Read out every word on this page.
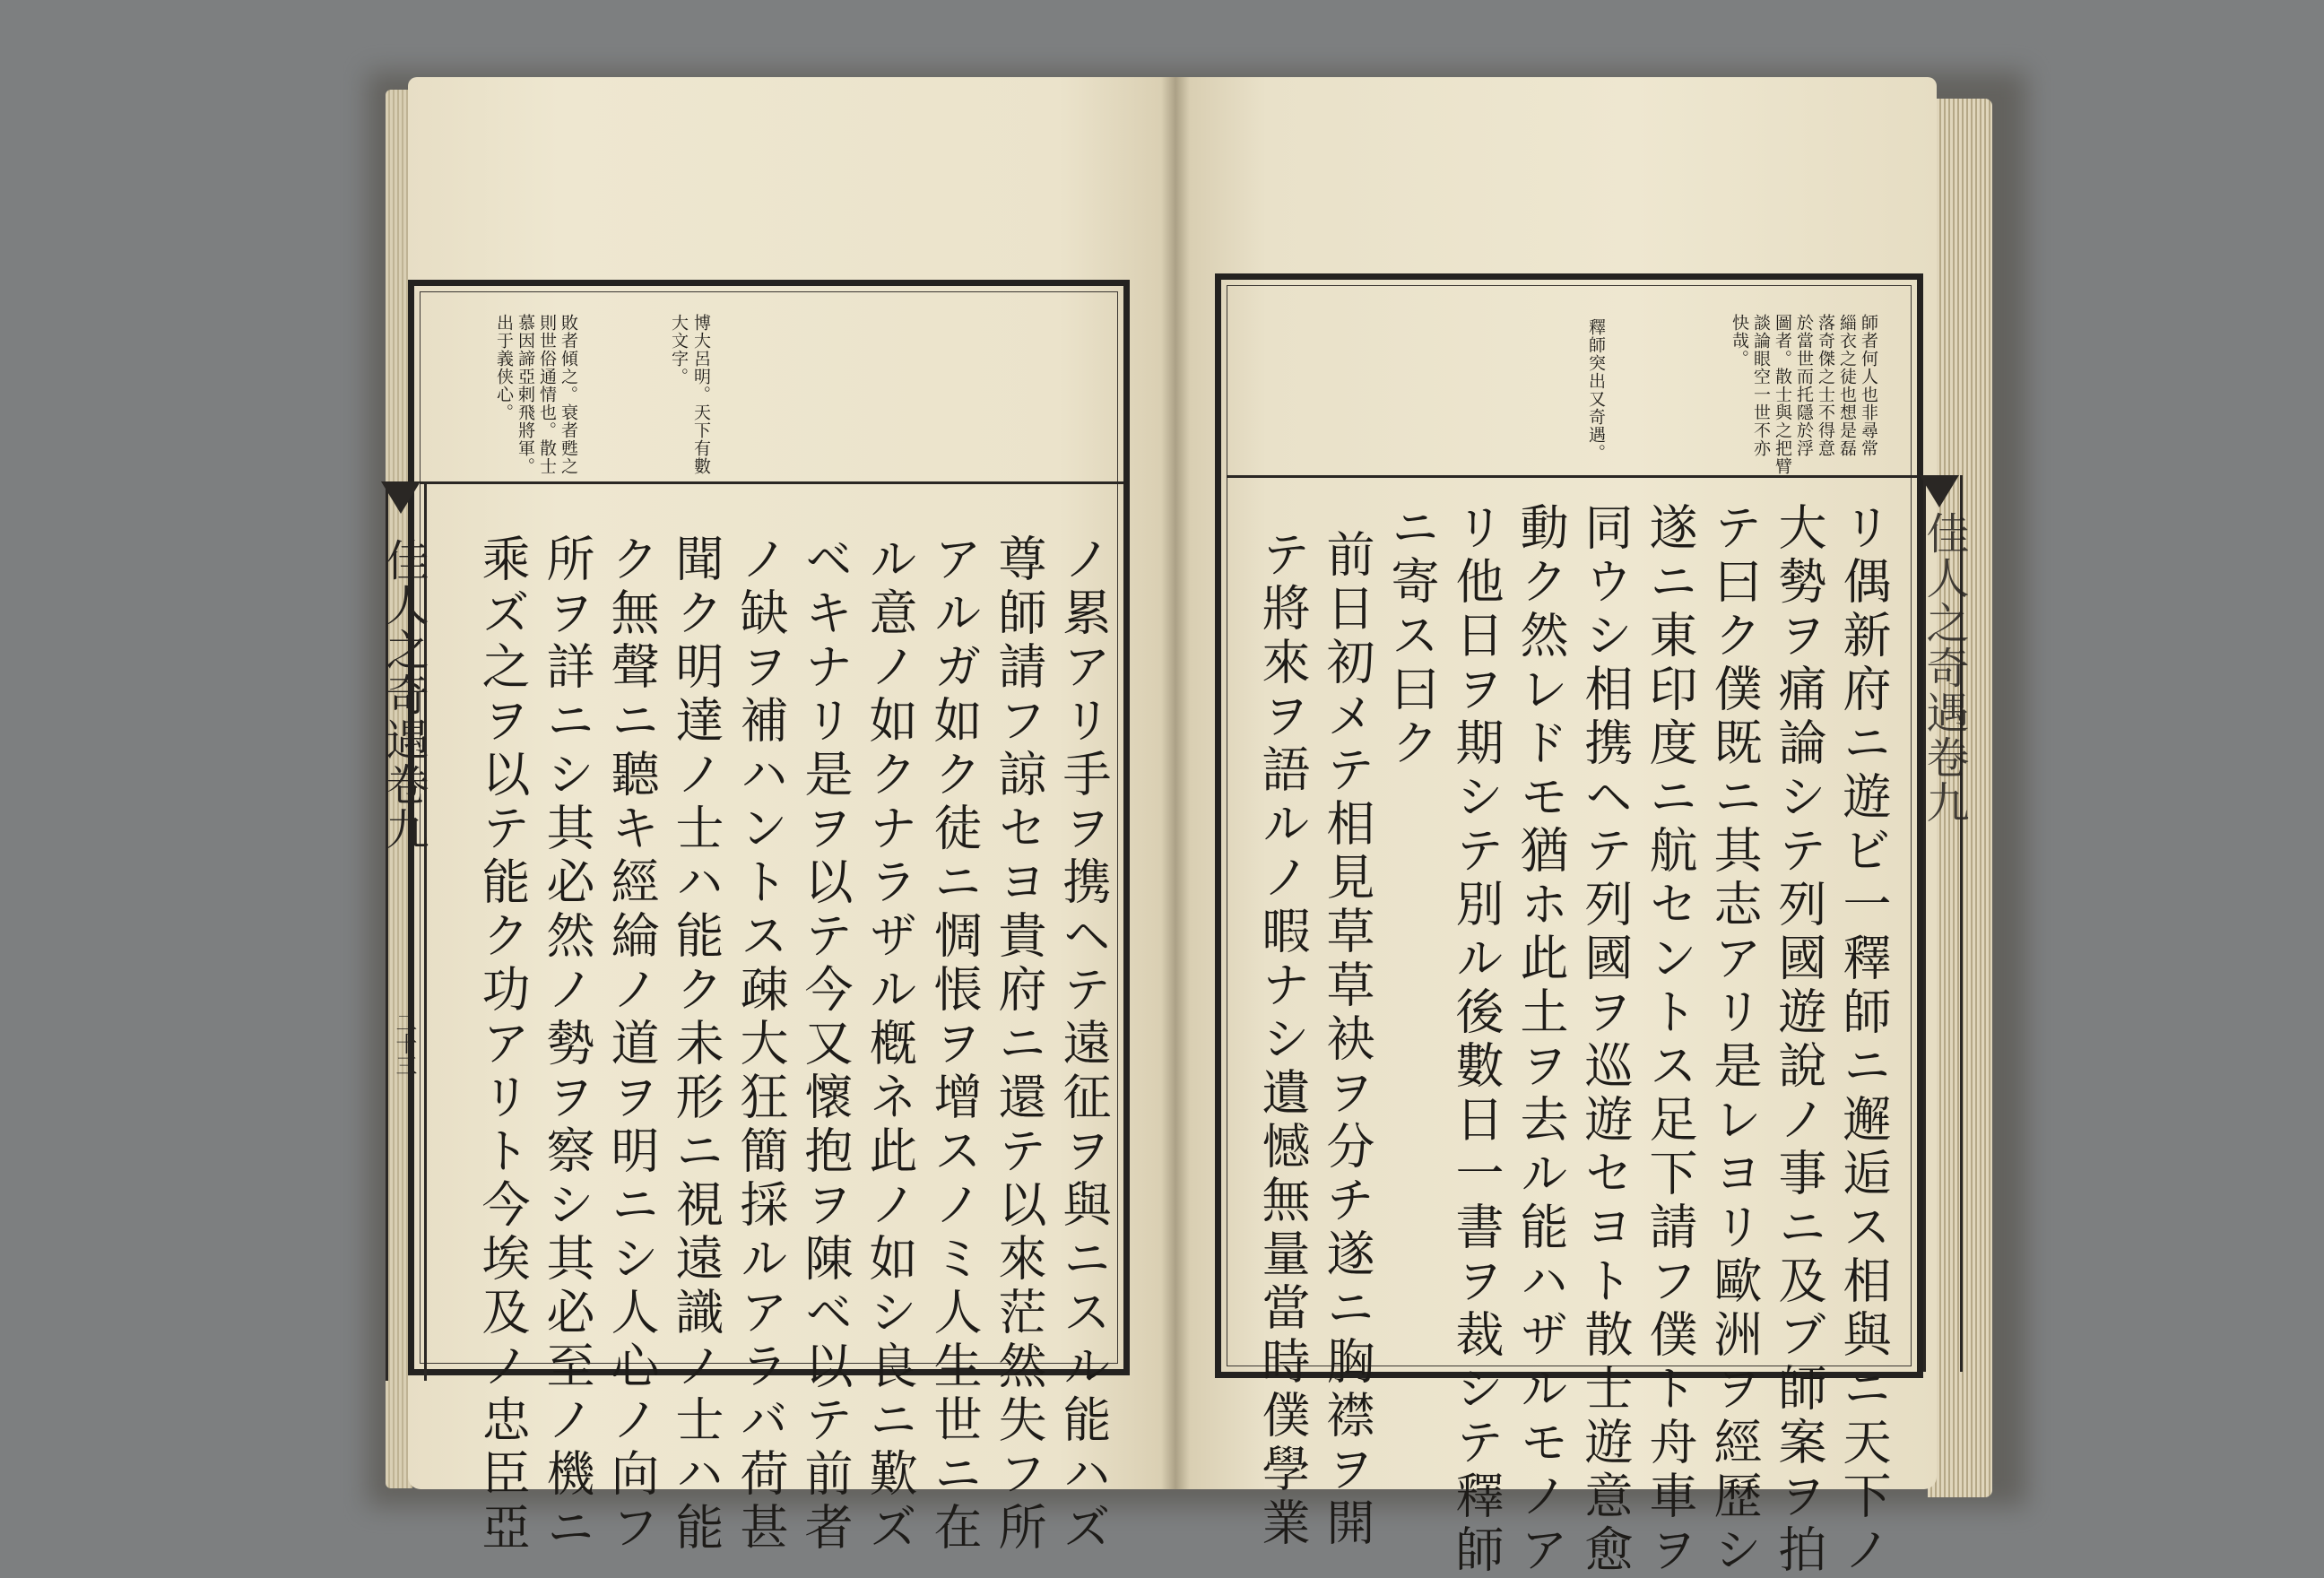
博大呂明。天下有數
大文字。
敗者傾之。衰者甦之
則世俗通情也。散士
慕因諦亞剌飛將軍。
出于義侠心。
ノ累アリ手ヲ携ヘテ遠征ヲ與ニスル能ハズ
尊師請フ諒セヨ貴府ニ還テ以來茫然失フ所
アルガ如ク徒ニ惆悵ヲ增スノミ人生世ニ在
ル意ノ如クナラザル槪ネ此ノ如シ良ニ歎ズ
ベキナリ是ヲ以テ今又懷抱ヲ陳ベ以テ前者
ノ缺ヲ補ハントス疎大狂簡採ルアラバ荷甚
聞ク明達ノ士ハ能ク未形ニ視遠識ノ士ハ能
ク無聲ニ聽キ經綸ノ道ヲ明ニシ人心ノ向フ
所ヲ詳ニシ其必然ノ勢ヲ察シ其必至ノ機ニ
乘ズ之ヲ以テ能ク功アリト今埃及ノ忠臣亞
佳人之奇遇卷九
二十三
師者何人也非尋常
緇衣之徒也想是磊
落奇傑之士不得意
於當世而托隱於浮
圖者。散士與之把臂
談論眼空一世不亦
快哉。
釋師突出又奇遇。
リ偶新府ニ遊ビ一釋師ニ邂逅ス相與ニ天下ノ
大勢ヲ痛論シテ列國遊說ノ事ニ及ブ師案ヲ拍
テ曰ク僕既ニ其志アリ是レヨリ歐洲ヲ經歷シ
遂ニ東印度ニ航セントス足下請フ僕ト舟車ヲ
同ウシ相携ヘテ列國ヲ巡遊セヨト散士遊意愈
動ク然レドモ猶ホ此土ヲ去ル能ハザルモノア
リ他日ヲ期シテ別ル後數日一書ヲ裁シテ釋師
ニ寄ス曰ク
前日初メテ相見草草袂ヲ分チ遂ニ胸襟ヲ開
テ將來ヲ語ルノ暇ナシ遺憾無量當時僕學業	佳人之奇遇卷九
